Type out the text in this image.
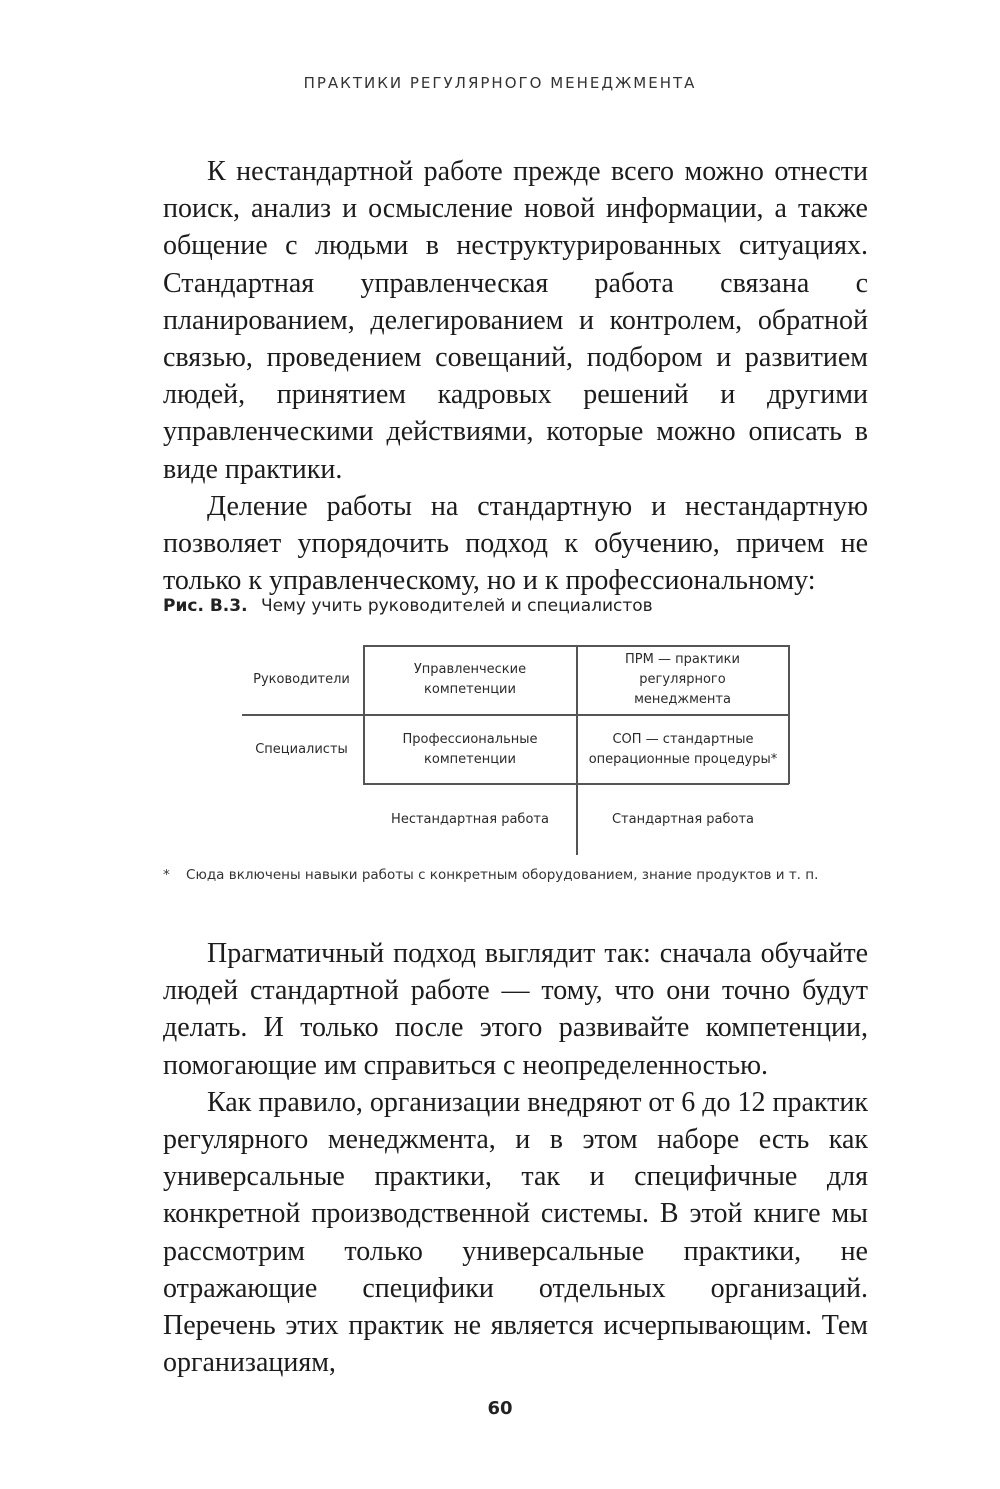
ПРАКТИКИ РЕГУЛЯРНОГО МЕНЕДЖМЕНТА

К нестандартной работе прежде всего можно отнести поиск, анализ и осмысление новой информации, а также общение с людьми в неструктурированных ситуациях. Стандартная управленческая работа связана с планированием, делегированием и контролем, обратной связью, проведением совещаний, подбором и развитием людей, принятием кадровых решений и другими управленческими действиями, которые можно описать в виде практики.

Деление работы на стандартную и нестандартную позволяет упорядочить подход к обучению, причем не только к управленческому, но и к профессиональному:

Рис. В.3. Чему учить руководителей и специалистов
Руководители
Специалисты
Управленческие компетенции
ПРМ — практики регулярного менеджмента
Профессиональные компетенции
СОП — стандартные операционные процедуры*
Нестандартная работа	Стандартная работа
* Сюда включены навыки работы с конкретным оборудованием, знание продуктов и т. п.

Прагматичный подход выглядит так: сначала обучайте людей стандартной работе — тому, что они точно будут делать. И только после этого развивайте компетенции, помогающие им справиться с неопределенностью.

Как правило, организации внедряют от 6 до 12 практик регулярного менеджмента, и в этом наборе есть как универсальные практики, так и специфичные для конкретной производственной системы. В этой книге мы рассмотрим только универсальные практики, не отражающие специфики отдельных организаций. Перечень этих практик не является исчерпывающим. Тем организациям,

60
